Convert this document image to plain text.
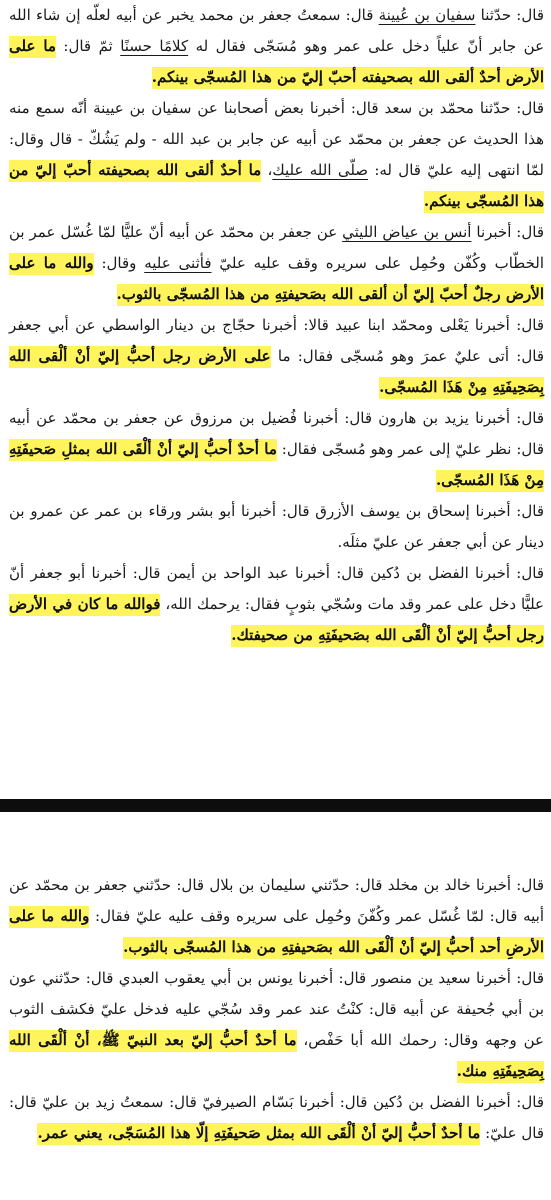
قال: حدّثنا سفيان بن عُيينة قال: سمعتُ جعفر بن محمد يخبر عن أبيه لعلّه إن شاء الله عن جابر أنّ علياً دخل على عمر وهو مُسَجّى فقال له كلامًا حسنًا ثمّ قال: ما على الأرض أحدٌ ألقى الله بصحيفته أحبّ إليّ من هذا المُسجّى بينكم.

قال: حدّثنا محمّد بن سعد قال: أخبرنا بعض أصحابنا عن سفيان بن عيينة أنّه سمع منه هذا الحديث عن جعفر بن محمّد عن أبيه عن جابر بن عبد الله - ولم يَشُكّ - قال وقال: لمّا انتهى إليه عليّ قال له: صلّى الله عليك، ما أحدٌ ألقى الله بصحيفته أحبّ إليّ من هذا المُسجّى بينكم.

قال: أخبرنا أنس بن عياض الليثي عن جعفر بن محمّد عن أبيه أنّ عليًّا لمّا غُسّل عمر بن الخطّاب وكُفّن وحُمِل على سريره وقف عليه عليّ فأثنى عليه وقال: والله ما على الأرض رجلٌ أحبّ إليّ أن ألقى الله بصَحيفتِهِ من هذا المُسجّى بالثوب.

قال: أخبرنا يَعْلى ومحمّد ابنا عبيد قالا: أخبرنا حجّاج بن دينار الواسطي عن أبي جعفر قال: أتى عليٌ عمرَ وهو مُسجّى فقال: ما على الأرض رجل أحبُّ إليّ أنْ ألْقى الله بِصَحِيفَتِهِ مِنْ هَذَا المُسجّى.

قال: أخبرنا يزيد بن هارون قال: أخبرنا فُضيل بن مرزوق عن جعفر بن محمّد عن أبيه قال: نظر عليّ إلى عمر وهو مُسجّى فقال: ما أحدٌ أحبُّ إليّ أنْ ألْقَى الله بمثلِ صَحيفَتِهِ مِنْ هَذَا المُسجّى.

قال: أخبرنا إسحاق بن يوسف الأزرق قال: أخبرنا أبو بشر ورقاء بن عمر عن عمرو بن دينار عن أبي جعفر عن عليّ مثلَه.

قال: أخبرنا الفضل بن دُكين قال: أخبرنا عبد الواحد بن أيمن قال: أخبرنا أبو جعفر أنّ عليًّا دخل على عمر وقد مات وسُجّي بثوبٍ فقال: يرحمك الله، فوالله ما كان في الأرض رجل أحبُّ إليّ أنْ ألْقَى الله بصَحيفَتِهِ من صحيفتك.

قال: أخبرنا خالد بن مخلد قال: حدّثني سليمان بن بلال قال: حدّثني جعفر بن محمّد عن أبيه قال: لمّا غُسّل عمر وكُفّنَ وحُمِل على سريره وقف عليه عليّ فقال: والله ما على الأرضِ أحد أحبُّ إليّ أنْ ألْقَى الله بصَحيفتِهِ من هذا المُسجّى بالثوب.

قال: أخبرنا سعيد ين منصور قال: أخبرنا يونس بن أبي يعقوب العبدي قال: حدّثني عون بن أبي جُحيفة عن أبيه قال: كنْتُ عند عمر وقد سُجّي عليه فدخل عليّ فكشف الثوب عن وجهه وقال: رحمك الله أبا حَفْص، ما أحدٌ أحبُّ إليّ بعد النبيّ ﷺ، أنْ ألْقَى الله بِصَحِيفَتِهِ منك.

قال: أخبرنا الفضل بن دُكين قال: أخبرنا بَسّام الصيرفيّ قال: سمعتُ زيد بن عليّ قال: قال عليّ: ما أحدٌ أحبُّ إليّ أنْ ألْقَى الله بمثل صَحيفَتِهِ إلّا هذا المُسَجّى، يعني عمر.
